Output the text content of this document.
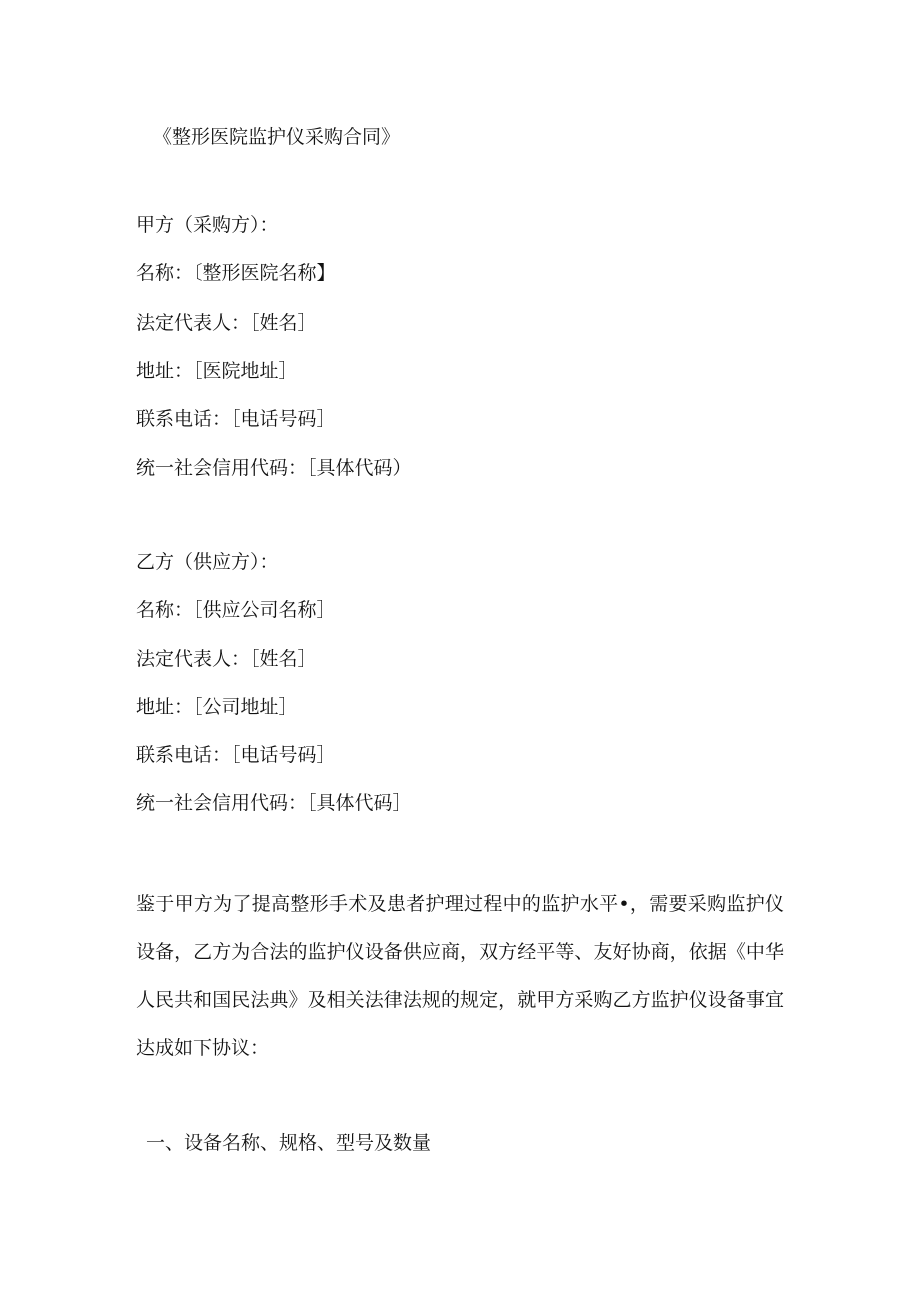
《整形医院监护仪采购合同》
甲方（采购方）：
名称：〔整形医院名称】
法定代表人：［姓名］
地址：［医院地址］
联系电话：［电话号码］
统一社会信用代码：［具体代码）
乙方（供应方）：
名称：［供应公司名称］
法定代表人：［姓名］
地址：［公司地址］
联系电话：［电话号码］
统一社会信用代码：［具体代码］
鉴于甲方为了提高整形手术及患者护理过程中的监护水平•，需要采购监护仪设备，乙方为合法的监护仪设备供应商，双方经平等、友好协商，依据《中华人民共和国民法典》及相关法律法规的规定，就甲方采购乙方监护仪设备事宜达成如下协议：
一、设备名称、规格、型号及数量
